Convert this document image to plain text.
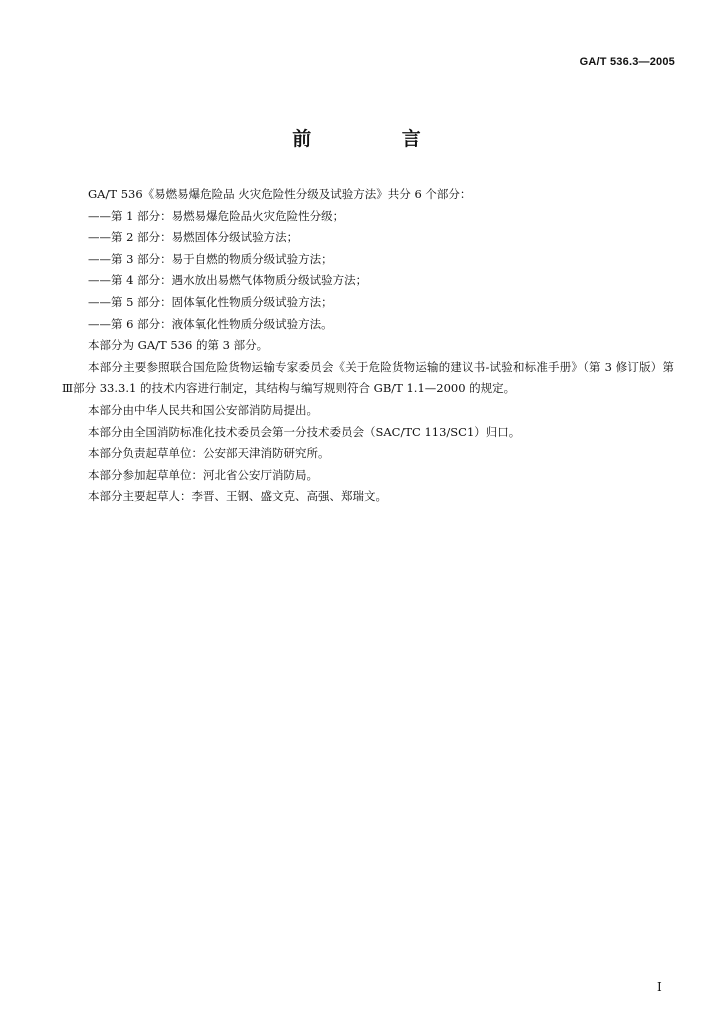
GA/T 536.3—2005
前 言

GA/T 536《易燃易爆危险品 火灾危险性分级及试验方法》共分 6 个部分：

——第 1 部分：易燃易爆危险品火灾危险性分级；

——第 2 部分：易燃固体分级试验方法；

——第 3 部分：易于自燃的物质分级试验方法；

——第 4 部分：遇水放出易燃气体物质分级试验方法；

——第 5 部分：固体氧化性物质分级试验方法；

——第 6 部分：液体氧化性物质分级试验方法。

本部分为 GA/T 536 的第 3 部分。

本部分主要参照联合国危险货物运输专家委员会《关于危险货物运输的建议书-试验和标准手册》（第 3 修订版）第Ⅲ部分 33.3.1 的技术内容进行制定，其结构与编写规则符合 GB/T 1.1—2000 的规定。

本部分由中华人民共和国公安部消防局提出。

本部分由全国消防标准化技术委员会第一分技术委员会（SAC/TC 113/SC1）归口。

本部分负责起草单位：公安部天津消防研究所。

本部分参加起草单位：河北省公安厅消防局。

本部分主要起草人：李晋、王钢、盛文克、高强、郑瑞文。

I
